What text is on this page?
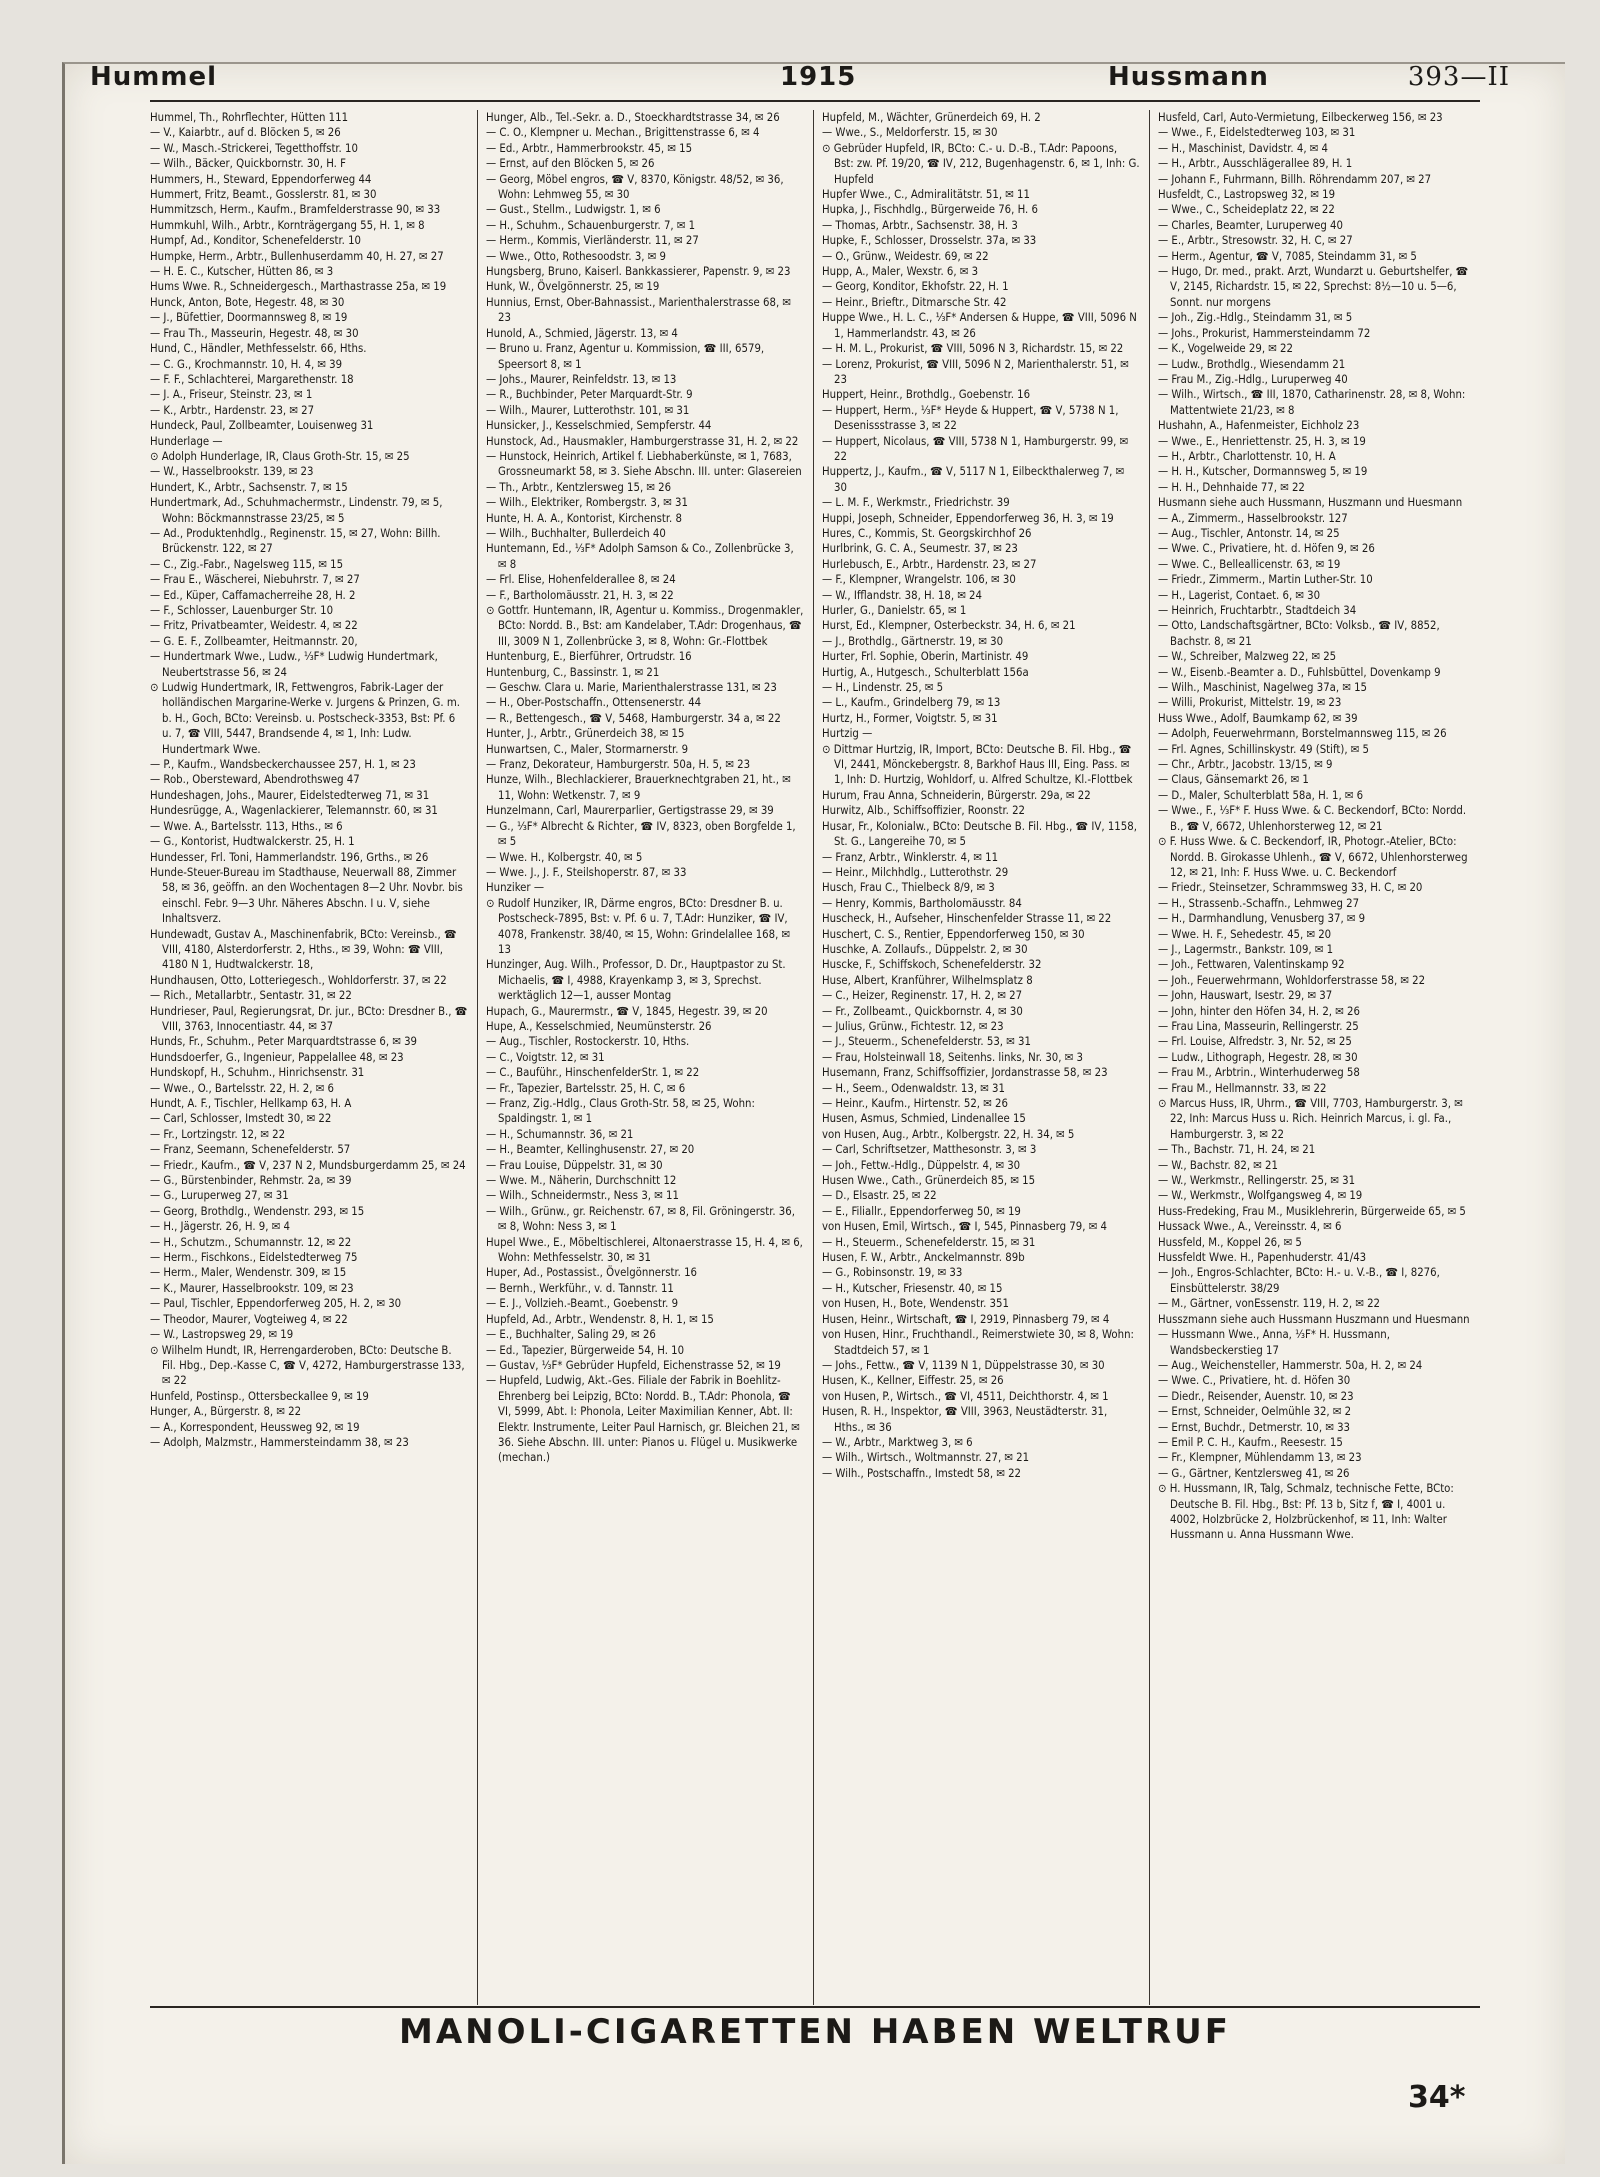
Hummel	1915	Hussmann	393—II
Hummel, Th., Rohrflechter, Hütten 111
— V., Kaiarbtr., auf d. Blöcken 5, ✉ 26
— W., Masch.-Strickerei, Tegetthoffstr. 10
— Wilh., Bäcker, Quickbornstr. 30, H. F
Hummers, H., Steward, Eppendorferweg 44
Hummert, Fritz, Beamt., Gosslerstr. 81, ✉ 30
Hummitzsch, Herm., Kaufm., Bramfelderstrasse 90, ✉ 33
Hummkuhl, Wilh., Arbtr., Kornträgergang 55, H. 1, ✉ 8
Humpf, Ad., Konditor, Schenefelderstr. 10
Humpke, Herm., Arbtr., Bullenhuserdamm 40, H. 27, ✉ 27
— H. E. C., Kutscher, Hütten 86, ✉ 3
Hums Wwe. R., Schneidergesch., Marthastrasse 25a, ✉ 19
Hunck, Anton, Bote, Hegestr. 48, ✉ 30
— J., Büfettier, Doormannsweg 8, ✉ 19
— Frau Th., Masseurin, Hegestr. 48, ✉ 30
Hund, C., Händler, Methfesselstr. 66, Hths.
— C. G., Krochmannstr. 10, H. 4, ✉ 39
— F. F., Schlachterei, Margarethenstr. 18
— J. A., Friseur, Steinstr. 23, ✉ 1
— K., Arbtr., Hardenstr. 23, ✉ 27
Hundeck, Paul, Zollbeamter, Louisenweg 31
Hunderlage —
⊙ Adolph Hunderlage, IR, Claus Groth-Str. 15, ✉ 25
— W., Hasselbrookstr. 139, ✉ 23
Hundert, K., Arbtr., Sachsenstr. 7, ✉ 15
Hundertmark, Ad., Schuhmachermstr., Lindenstr. 79, ✉ 5, Wohn: Böckmannstrasse 23/25, ✉ 5
— Ad., Produktenhdlg., Reginenstr. 15, ✉ 27, Wohn: Billh. Brückenstr. 122, ✉ 27
— C., Zig.-Fabr., Nagelsweg 115, ✉ 15
— Frau E., Wäscherei, Niebuhrstr. 7, ✉ 27
— Ed., Küper, Caffamacherreihe 28, H. 2
— F., Schlosser, Lauenburger Str. 10
— Fritz, Privatbeamter, Weidestr. 4, ✉ 22
— G. E. F., Zollbeamter, Heitmannstr. 20,
— Hundertmark Wwe., Ludw., ⅓F* Ludwig Hundertmark, Neubertstrasse 56, ✉ 24
⊙ Ludwig Hundertmark, IR, Fettwengros, Fabrik-Lager der holländischen Margarine-Werke v. Jurgens & Prinzen, G. m. b. H., Goch, BCto: Vereinsb. u. Postscheck-3353, Bst: Pf. 6 u. 7, ☎ VIII, 5447, Brandsende 4, ✉ 1, Inh: Ludw. Hundertmark Wwe.
— P., Kaufm., Wandsbeckerchaussee 257, H. 1, ✉ 23
— Rob., Obersteward, Abendrothsweg 47
Hundeshagen, Johs., Maurer, Eidelstedterweg 71, ✉ 31
Hundesrügge, A., Wagenlackierer, Telemannstr. 60, ✉ 31
— Wwe. A., Bartelsstr. 113, Hths., ✉ 6
— G., Kontorist, Hudtwalckerstr. 25, H. 1
Hundesser, Frl. Toni, Hammerlandstr. 196, Grths., ✉ 26
Hunde-Steuer-Bureau im Stadthause, Neuerwall 88, Zimmer 58, ✉ 36, geöffn. an den Wochentagen 8—2 Uhr. Novbr. bis einschl. Febr. 9—3 Uhr. Näheres Abschn. I u. V, siehe Inhaltsverz.
Hundewadt, Gustav A., Maschinenfabrik, BCto: Vereinsb., ☎ VIII, 4180, Alsterdorferstr. 2, Hths., ✉ 39, Wohn: ☎ VIII, 4180 N 1, Hudtwalckerstr. 18,
Hundhausen, Otto, Lotteriegesch., Wohldorferstr. 37, ✉ 22
— Rich., Metallarbtr., Sentastr. 31, ✉ 22
Hundrieser, Paul, Regierungsrat, Dr. jur., BCto: Dresdner B., ☎ VIII, 3763, Innocentiastr. 44, ✉ 37
Hunds, Fr., Schuhm., Peter Marquardtstrasse 6, ✉ 39
Hundsdoerfer, G., Ingenieur, Pappelallee 48, ✉ 23
Hundskopf, H., Schuhm., Hinrichsenstr. 31
— Wwe., O., Bartelsstr. 22, H. 2, ✉ 6
Hundt, A. F., Tischler, Hellkamp 63, H. A
— Carl, Schlosser, Imstedt 30, ✉ 22
— Fr., Lortzingstr. 12, ✉ 22
— Franz, Seemann, Schenefelderstr. 57
— Friedr., Kaufm., ☎ V, 237 N 2, Mundsburgerdamm 25, ✉ 24
— G., Bürstenbinder, Rehmstr. 2a, ✉ 39
— G., Luruperweg 27, ✉ 31
— Georg, Brothdlg., Wendenstr. 293, ✉ 15
— H., Jägerstr. 26, H. 9, ✉ 4
— H., Schutzm., Schumannstr. 12, ✉ 22
— Herm., Fischkons., Eidelstedterweg 75
— Herm., Maler, Wendenstr. 309, ✉ 15
— K., Maurer, Hasselbrookstr. 109, ✉ 23
— Paul, Tischler, Eppendorferweg 205, H. 2, ✉ 30
— Theodor, Maurer, Vogteiweg 4, ✉ 22
— W., Lastropsweg 29, ✉ 19
⊙ Wilhelm Hundt, IR, Herrengarderoben, BCto: Deutsche B. Fil. Hbg., Dep.-Kasse C, ☎ V, 4272, Hamburgerstrasse 133, ✉ 22
Hunfeld, Postinsp., Ottersbeckallee 9, ✉ 19
Hunger, A., Bürgerstr. 8, ✉ 22
— A., Korrespondent, Heussweg 92, ✉ 19
— Adolph, Malzmstr., Hammersteindamm 38, ✉ 23
Hunger, Alb., Tel.-Sekr. a. D., Stoeckhardtstrasse 34, ✉ 26
— C. O., Klempner u. Mechan., Brigittenstrasse 6, ✉ 4
— Ed., Arbtr., Hammerbrookstr. 45, ✉ 15
— Ernst, auf den Blöcken 5, ✉ 26
— Georg, Möbel engros, ☎ V, 8370, Königstr. 48/52, ✉ 36, Wohn: Lehmweg 55, ✉ 30
— Gust., Stellm., Ludwigstr. 1, ✉ 6
— H., Schuhm., Schauenburgerstr. 7, ✉ 1
— Herm., Kommis, Vierländerstr. 11, ✉ 27
— Wwe., Otto, Rothesoodstr. 3, ✉ 9
Hungsberg, Bruno, Kaiserl. Bankkassierer, Papenstr. 9, ✉ 23
Hunk, W., Övelgönnerstr. 25, ✉ 19
Hunnius, Ernst, Ober-Bahnassist., Marienthalerstrasse 68, ✉ 23
Hunold, A., Schmied, Jägerstr. 13, ✉ 4
— Bruno u. Franz, Agentur u. Kommission, ☎ III, 6579, Speersort 8, ✉ 1
— Johs., Maurer, Reinfeldstr. 13, ✉ 13
— R., Buchbinder, Peter Marquardt-Str. 9
— Wilh., Maurer, Lutterothstr. 101, ✉ 31
Hunsicker, J., Kesselschmied, Sempferstr. 44
Hunstock, Ad., Hausmakler, Hamburgerstrasse 31, H. 2, ✉ 22
— Hunstock, Heinrich, Artikel f. Liebhaberkünste, ✉ 1, 7683, Grossneumarkt 58, ✉ 3. Siehe Abschn. III. unter: Glasereien
— Th., Arbtr., Kentzlersweg 15, ✉ 26
— Wilh., Elektriker, Rombergstr. 3, ✉ 31
Hunte, H. A. A., Kontorist, Kirchenstr. 8
— Wilh., Buchhalter, Bullerdeich 40
Huntemann, Ed., ⅓F* Adolph Samson & Co., Zollenbrücke 3, ✉ 8
— Frl. Elise, Hohenfelderallee 8, ✉ 24
— F., Bartholomäusstr. 21, H. 3, ✉ 22
⊙ Gottfr. Huntemann, IR, Agentur u. Kommiss., Drogenmakler, BCto: Nordd. B., Bst: am Kandelaber, T.Adr: Drogenhaus, ☎ III, 3009 N 1, Zollenbrücke 3, ✉ 8, Wohn: Gr.-Flottbek
Huntenburg, E., Bierführer, Ortrudstr. 16
Huntenburg, C., Bassinstr. 1, ✉ 21
— Geschw. Clara u. Marie, Marienthalerstrasse 131, ✉ 23
— H., Ober-Postschaffn., Ottensenerstr. 44
— R., Bettengesch., ☎ V, 5468, Hamburgerstr. 34 a, ✉ 22
Hunter, J., Arbtr., Grünerdeich 38, ✉ 15
Hunwartsen, C., Maler, Stormarnerstr. 9
— Franz, Dekorateur, Hamburgerstr. 50a, H. 5, ✉ 23
Hunze, Wilh., Blechlackierer, Brauerknechtgraben 21, ht., ✉ 11, Wohn: Wetkenstr. 7, ✉ 9
Hunzelmann, Carl, Maurerparlier, Gertigstrasse 29, ✉ 39
— G., ⅓F* Albrecht & Richter, ☎ IV, 8323, oben Borgfelde 1, ✉ 5
— Wwe. H., Kolbergstr. 40, ✉ 5
— Wwe. J., J. F., Steilshoperstr. 87, ✉ 33
Hunziker —
⊙ Rudolf Hunziker, IR, Därme engros, BCto: Dresdner B. u. Postscheck-7895, Bst: v. Pf. 6 u. 7, T.Adr: Hunziker, ☎ IV, 4078, Frankenstr. 38/40, ✉ 15, Wohn: Grindelallee 168, ✉ 13
Hunzinger, Aug. Wilh., Professor, D. Dr., Hauptpastor zu St. Michaelis, ☎ I, 4988, Krayenkamp 3, ✉ 3, Sprechst. werktäglich 12—1, ausser Montag
Hupach, G., Maurermstr., ☎ V, 1845, Hegestr. 39, ✉ 20
Hupe, A., Kesselschmied, Neumünsterstr. 26
— Aug., Tischler, Rostockerstr. 10, Hths.
— C., Voigtstr. 12, ✉ 31
— C., Bauführ., HinschenfelderStr. 1, ✉ 22
— Fr., Tapezier, Bartelsstr. 25, H. C, ✉ 6
— Franz, Zig.-Hdlg., Claus Groth-Str. 58, ✉ 25, Wohn: Spaldingstr. 1, ✉ 1
— H., Schumannstr. 36, ✉ 21
— H., Beamter, Kellinghusenstr. 27, ✉ 20
— Frau Louise, Düppelstr. 31, ✉ 30
— Wwe. M., Näherin, Durchschnitt 12
— Wilh., Schneidermstr., Ness 3, ✉ 11
— Wilh., Grünw., gr. Reichenstr. 67, ✉ 8, Fil. Gröningerstr. 36, ✉ 8, Wohn: Ness 3, ✉ 1
Hupel Wwe., E., Möbeltischlerei, Altonaerstrasse 15, H. 4, ✉ 6, Wohn: Methfesselstr. 30, ✉ 31
Huper, Ad., Postassist., Övelgönnerstr. 16
— Bernh., Werkführ., v. d. Tannstr. 11
— E. J., Vollzieh.-Beamt., Goebenstr. 9
Hupfeld, Ad., Arbtr., Wendenstr. 8, H. 1, ✉ 15
— E., Buchhalter, Saling 29, ✉ 26
— Ed., Tapezier, Bürgerweide 54, H. 10
— Gustav, ⅓F* Gebrüder Hupfeld, Eichenstrasse 52, ✉ 19
— Hupfeld, Ludwig, Akt.-Ges. Filiale der Fabrik in Boehlitz-Ehrenberg bei Leipzig, BCto: Nordd. B., T.Adr: Phonola, ☎ VI, 5999, Abt. I: Phonola, Leiter Maximilian Kenner, Abt. II: Elektr. Instrumente, Leiter Paul Harnisch, gr. Bleichen 21, ✉ 36. Siehe Abschn. III. unter: Pianos u. Flügel u. Musikwerke (mechan.)
Hupfeld, M., Wächter, Grünerdeich 69, H. 2
— Wwe., S., Meldorferstr. 15, ✉ 30
⊙ Gebrüder Hupfeld, IR, BCto: C.- u. D.-B., T.Adr: Papoons, Bst: zw. Pf. 19/20, ☎ IV, 212, Bugenhagenstr. 6, ✉ 1, Inh: G. Hupfeld
Hupfer Wwe., C., Admiralitätstr. 51, ✉ 11
Hupka, J., Fischhdlg., Bürgerweide 76, H. 6
— Thomas, Arbtr., Sachsenstr. 38, H. 3
Hupke, F., Schlosser, Drosselstr. 37a, ✉ 33
— O., Grünw., Weidestr. 69, ✉ 22
Hupp, A., Maler, Wexstr. 6, ✉ 3
— Georg, Konditor, Ekhofstr. 22, H. 1
— Heinr., Brieftr., Ditmarsche Str. 42
Huppe Wwe., H. L. C., ⅓F* Andersen & Huppe, ☎ VIII, 5096 N 1, Hammerlandstr. 43, ✉ 26
— H. M. L., Prokurist, ☎ VIII, 5096 N 3, Richardstr. 15, ✉ 22
— Lorenz, Prokurist, ☎ VIII, 5096 N 2, Marienthalerstr. 51, ✉ 23
Huppert, Heinr., Brothdlg., Goebenstr. 16
— Huppert, Herm., ⅓F* Heyde & Huppert, ☎ V, 5738 N 1, Desenissstrasse 3, ✉ 22
— Huppert, Nicolaus, ☎ VIII, 5738 N 1, Hamburgerstr. 99, ✉ 22
Huppertz, J., Kaufm., ☎ V, 5117 N 1, Eilbeckthalerweg 7, ✉ 30
— L. M. F., Werkmstr., Friedrichstr. 39
Huppi, Joseph, Schneider, Eppendorferweg 36, H. 3, ✉ 19
Hures, C., Kommis, St. Georgskirchhof 26
Hurlbrink, G. C. A., Seumestr. 37, ✉ 23
Hurlebusch, E., Arbtr., Hardenstr. 23, ✉ 27
— F., Klempner, Wrangelstr. 106, ✉ 30
— W., Ifflandstr. 38, H. 18, ✉ 24
Hurler, G., Danielstr. 65, ✉ 1
Hurst, Ed., Klempner, Osterbeckstr. 34, H. 6, ✉ 21
— J., Brothdlg., Gärtnerstr. 19, ✉ 30
Hurter, Frl. Sophie, Oberin, Martinistr. 49
Hurtig, A., Hutgesch., Schulterblatt 156a
— H., Lindenstr. 25, ✉ 5
— L., Kaufm., Grindelberg 79, ✉ 13
Hurtz, H., Former, Voigtstr. 5, ✉ 31
Hurtzig —
⊙ Dittmar Hurtzig, IR, Import, BCto: Deutsche B. Fil. Hbg., ☎ VI, 2441, Mönckebergstr. 8, Barkhof Haus III, Eing. Pass. ✉ 1, Inh: D. Hurtzig, Wohldorf, u. Alfred Schultze, Kl.-Flottbek
Hurum, Frau Anna, Schneiderin, Bürgerstr. 29a, ✉ 22
Hurwitz, Alb., Schiffsoffizier, Roonstr. 22
Husar, Fr., Kolonialw., BCto: Deutsche B. Fil. Hbg., ☎ IV, 1158, St. G., Langereihe 70, ✉ 5
— Franz, Arbtr., Winklerstr. 4, ✉ 11
— Heinr., Milchhdlg., Lutterothstr. 29
Husch, Frau C., Thielbeck 8/9, ✉ 3
— Henry, Kommis, Bartholomäusstr. 84
Huscheck, H., Aufseher, Hinschenfelder Strasse 11, ✉ 22
Huschert, C. S., Rentier, Eppendorferweg 150, ✉ 30
Huschke, A. Zollaufs., Düppelstr. 2, ✉ 30
Huscke, F., Schiffskoch, Schenefelderstr. 32
Huse, Albert, Kranführer, Wilhelmsplatz 8
— C., Heizer, Reginenstr. 17, H. 2, ✉ 27
— Fr., Zollbeamt., Quickbornstr. 4, ✉ 30
— Julius, Grünw., Fichtestr. 12, ✉ 23
— J., Steuerm., Schenefelderstr. 53, ✉ 31
— Frau, Holsteinwall 18, Seitenhs. links, Nr. 30, ✉ 3
Husemann, Franz, Schiffsoffizier, Jordanstrasse 58, ✉ 23
— H., Seem., Odenwaldstr. 13, ✉ 31
— Heinr., Kaufm., Hirtenstr. 52, ✉ 26
Husen, Asmus, Schmied, Lindenallee 15
von Husen, Aug., Arbtr., Kolbergstr. 22, H. 34, ✉ 5
— Carl, Schriftsetzer, Matthesonstr. 3, ✉ 3
— Joh., Fettw.-Hdlg., Düppelstr. 4, ✉ 30
Husen Wwe., Cath., Grünerdeich 85, ✉ 15
— D., Elsastr. 25, ✉ 22
— E., Filiallr., Eppendorferweg 50, ✉ 19
von Husen, Emil, Wirtsch., ☎ I, 545, Pinnasberg 79, ✉ 4
— H., Steuerm., Schenefelderstr. 15, ✉ 31
Husen, F. W., Arbtr., Anckelmannstr. 89b
— G., Robinsonstr. 19, ✉ 33
— H., Kutscher, Friesenstr. 40, ✉ 15
von Husen, H., Bote, Wendenstr. 351
Husen, Heinr., Wirtschaft, ☎ I, 2919, Pinnasberg 79, ✉ 4
von Husen, Hinr., Fruchthandl., Reimerstwiete 30, ✉ 8, Wohn: Stadtdeich 57, ✉ 1
— Johs., Fettw., ☎ V, 1139 N 1, Düppelstrasse 30, ✉ 30
Husen, K., Kellner, Eiffestr. 25, ✉ 26
von Husen, P., Wirtsch., ☎ VI, 4511, Deichthorstr. 4, ✉ 1
Husen, R. H., Inspektor, ☎ VIII, 3963, Neustädterstr. 31, Hths., ✉ 36
— W., Arbtr., Marktweg 3, ✉ 6
— Wilh., Wirtsch., Woltmannstr. 27, ✉ 21
— Wilh., Postschaffn., Imstedt 58, ✉ 22
Husfeld, Carl, Auto-Vermietung, Eilbeckerweg 156, ✉ 23
— Wwe., F., Eidelstedterweg 103, ✉ 31
— H., Maschinist, Davidstr. 4, ✉ 4
— H., Arbtr., Ausschlägerallee 89, H. 1
— Johann F., Fuhrmann, Billh. Röhrendamm 207, ✉ 27
Husfeldt, C., Lastropsweg 32, ✉ 19
— Wwe., C., Scheideplatz 22, ✉ 22
— Charles, Beamter, Luruperweg 40
— E., Arbtr., Stresowstr. 32, H. C, ✉ 27
— Herm., Agentur, ☎ V, 7085, Steindamm 31, ✉ 5
— Hugo, Dr. med., prakt. Arzt, Wundarzt u. Geburtshelfer, ☎ V, 2145, Richardstr. 15, ✉ 22, Sprechst: 8½—10 u. 5—6, Sonnt. nur morgens
— Joh., Zig.-Hdlg., Steindamm 31, ✉ 5
— Johs., Prokurist, Hammersteindamm 72
— K., Vogelweide 29, ✉ 22
— Ludw., Brothdlg., Wiesendamm 21
— Frau M., Zig.-Hdlg., Luruperweg 40
— Wilh., Wirtsch., ☎ III, 1870, Catharinenstr. 28, ✉ 8, Wohn: Mattentwiete 21/23, ✉ 8
Hushahn, A., Hafenmeister, Eichholz 23
— Wwe., E., Henriettenstr. 25, H. 3, ✉ 19
— H., Arbtr., Charlottenstr. 10, H. A
— H. H., Kutscher, Dormannsweg 5, ✉ 19
— H. H., Dehnhaide 77, ✉ 22
Husmann siehe auch Hussmann, Huszmann und Huesmann
— A., Zimmerm., Hasselbrookstr. 127
— Aug., Tischler, Antonstr. 14, ✉ 25
— Wwe. C., Privatiere, ht. d. Höfen 9, ✉ 26
— Wwe. C., Belleallicenstr. 63, ✉ 19
— Friedr., Zimmerm., Martin Luther-Str. 10
— H., Lagerist, Contaet. 6, ✉ 30
— Heinrich, Fruchtarbtr., Stadtdeich 34
— Otto, Landschaftsgärtner, BCto: Volksb., ☎ IV, 8852, Bachstr. 8, ✉ 21
— W., Schreiber, Malzweg 22, ✉ 25
— W., Eisenb.-Beamter a. D., Fuhlsbüttel, Dovenkamp 9
— Wilh., Maschinist, Nagelweg 37a, ✉ 15
— Willi, Prokurist, Mittelstr. 19, ✉ 23
Huss Wwe., Adolf, Baumkamp 62, ✉ 39
— Adolph, Feuerwehrmann, Borstelmannsweg 115, ✉ 26
— Frl. Agnes, Schillinskystr. 49 (Stift), ✉ 5
— Chr., Arbtr., Jacobstr. 13/15, ✉ 9
— Claus, Gänsemarkt 26, ✉ 1
— D., Maler, Schulterblatt 58a, H. 1, ✉ 6
— Wwe., F., ⅓F* F. Huss Wwe. & C. Beckendorf, BCto: Nordd. B., ☎ V, 6672, Uhlenhorsterweg 12, ✉ 21
⊙ F. Huss Wwe. & C. Beckendorf, IR, Photogr.-Atelier, BCto: Nordd. B. Girokasse Uhlenh., ☎ V, 6672, Uhlenhorsterweg 12, ✉ 21, Inh: F. Huss Wwe. u. C. Beckendorf
— Friedr., Steinsetzer, Schrammsweg 33, H. C, ✉ 20
— H., Strassenb.-Schaffn., Lehmweg 27
— H., Darmhandlung, Venusberg 37, ✉ 9
— Wwe. H. F., Sehedestr. 45, ✉ 20
— J., Lagermstr., Bankstr. 109, ✉ 1
— Joh., Fettwaren, Valentinskamp 92
— Joh., Feuerwehrmann, Wohldorferstrasse 58, ✉ 22
— John, Hauswart, Isestr. 29, ✉ 37
— John, hinter den Höfen 34, H. 2, ✉ 26
— Frau Lina, Masseurin, Rellingerstr. 25
— Frl. Louise, Alfredstr. 3, Nr. 52, ✉ 25
— Ludw., Lithograph, Hegestr. 28, ✉ 30
— Frau M., Arbtrin., Winterhuderweg 58
— Frau M., Hellmannstr. 33, ✉ 22
⊙ Marcus Huss, IR, Uhrm., ☎ VIII, 7703, Hamburgerstr. 3, ✉ 22, Inh: Marcus Huss u. Rich. Heinrich Marcus, i. gl. Fa., Hamburgerstr. 3, ✉ 22
— Th., Bachstr. 71, H. 24, ✉ 21
— W., Bachstr. 82, ✉ 21
— W., Werkmstr., Rellingerstr. 25, ✉ 31
— W., Werkmstr., Wolfgangsweg 4, ✉ 19
Huss-Fredeking, Frau M., Musiklehrerin, Bürgerweide 65, ✉ 5
Hussack Wwe., A., Vereinsstr. 4, ✉ 6
Hussfeld, M., Koppel 26, ✉ 5
Hussfeldt Wwe. H., Papenhuderstr. 41/43
— Joh., Engros-Schlachter, BCto: H.- u. V.-B., ☎ I, 8276, Einsbüttelerstr. 38/29
— M., Gärtner, vonEssenstr. 119, H. 2, ✉ 22
Husszmann siehe auch Hussmann Huszmann und Huesmann
— Hussmann Wwe., Anna, ⅓F* H. Hussmann, Wandsbeckerstieg 17
— Aug., Weichensteller, Hammerstr. 50a, H. 2, ✉ 24
— Wwe. C., Privatiere, ht. d. Höfen 30
— Diedr., Reisender, Auenstr. 10, ✉ 23
— Ernst, Schneider, Oelmühle 32, ✉ 2
— Ernst, Buchdr., Detmerstr. 10, ✉ 33
— Emil P. C. H., Kaufm., Reesestr. 15
— Fr., Klempner, Mühlendamm 13, ✉ 23
— G., Gärtner, Kentzlersweg 41, ✉ 26
⊙ H. Hussmann, IR, Talg, Schmalz, technische Fette, BCto: Deutsche B. Fil. Hbg., Bst: Pf. 13 b, Sitz f, ☎ I, 4001 u. 4002, Holzbrücke 2, Holzbrückenhof, ✉ 11, Inh: Walter Hussmann u. Anna Hussmann Wwe.
MANOLI-CIGARETTEN HABEN WELTRUF
34*
